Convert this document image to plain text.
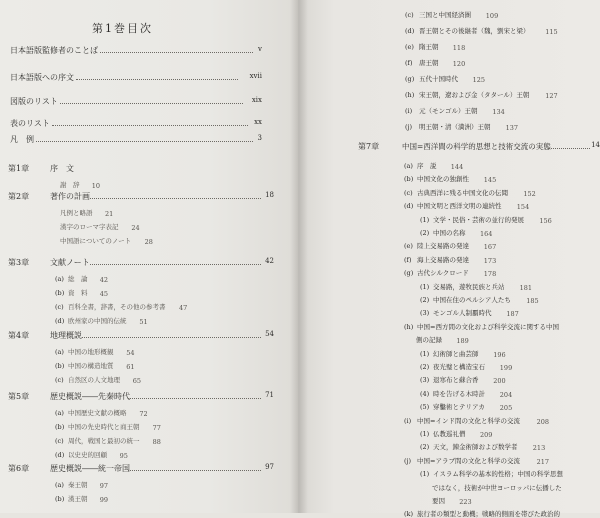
第1巻目次
日本語版監修者のことば	v
日本語版への序文	xvii
図版のリスト	xix
表のリスト	xx
凡　例	3
第1章	序　文
謝　辞 10
第2章	著作の計画	18
凡例と略語 21
漢字のローマ字表記 24
中国語についてのノート 28
第3章	文献ノート	42
(a) 総　論 42
(b) 資　料 45
(c) 百科全書，辞書，その他の参考書 47
(d) 欧州家の中国的伝統 51
第4章	地理概説	54
(a) 中国の地形概観 54
(b) 中国の構造地質 61
(c) 自然区の人文地理 65
第5章	歴史概説――先秦時代	71
(a) 中国歴史文献の概略 72
(b) 中国の先史時代と商王朝 77
(c) 周代，戦国と最初の統一 88
(d) 以史史的回顧 95
第6章	歴史概説――統一帝国	97
(a) 秦王朝 97
(b) 漢王朝 99
(c) 三国と中国経済圏 109
(d) 晋王朝とその後継者（魏，劉宋と梁） 115
(e) 隋王朝 118
(f) 唐王朝 120
(g) 五代十国時代 125
(h) 宋王朝，遼および金（タタール）王朝 127
(i) 元（モンゴル）王朝 134
(j) 明王朝・清（満洲）王朝 137
第7章	中国=西洋間の科学的思想と技術交流の実態	14
(a) 序　説 144
(b) 中国文化の独創性 145
(c) 古典西洋に残る中国文化の伝聞 152
(d) 中国文明と西洋文明の連続性 154
(1) 文学・民俗・芸術の並行的発展 156
(2) 中国の名称 164
(e) 陸上交易路の発達 167
(f) 海上交易路の発達 173
(g) 古代シルクロード 178
(1) 交易路，遊牧民族と兵站 181
(2) 中国在住のペルシア人たち 185
(3) モンゴル人制覇時代 187
(h) 中国=西方間の文化および科学交流に関する中国
側の記録 189
(1) 幻術師と曲芸師 196
(2) 夜光璧と構造宝石 199
(3) 退寒布と蘇合香 200
(4) 時を告げる木時計 204
(5) 穿鑿術とテリアカ 205
(i) 中国=インド間の文化と科学の交流	208
(1) 仏教巡礼僧 209
(2) 天文，錬金術師および数学者 213
(j) 中国=アラブ間の文化と科学の交流	217
(1) イスラム科学の基本的性格；中国の科学思想
ではなく，技術が中世ヨーロッパに伝播した
要因 223
(k) 旅行者の類型と動機；戦略的側面を帯びた政治的
